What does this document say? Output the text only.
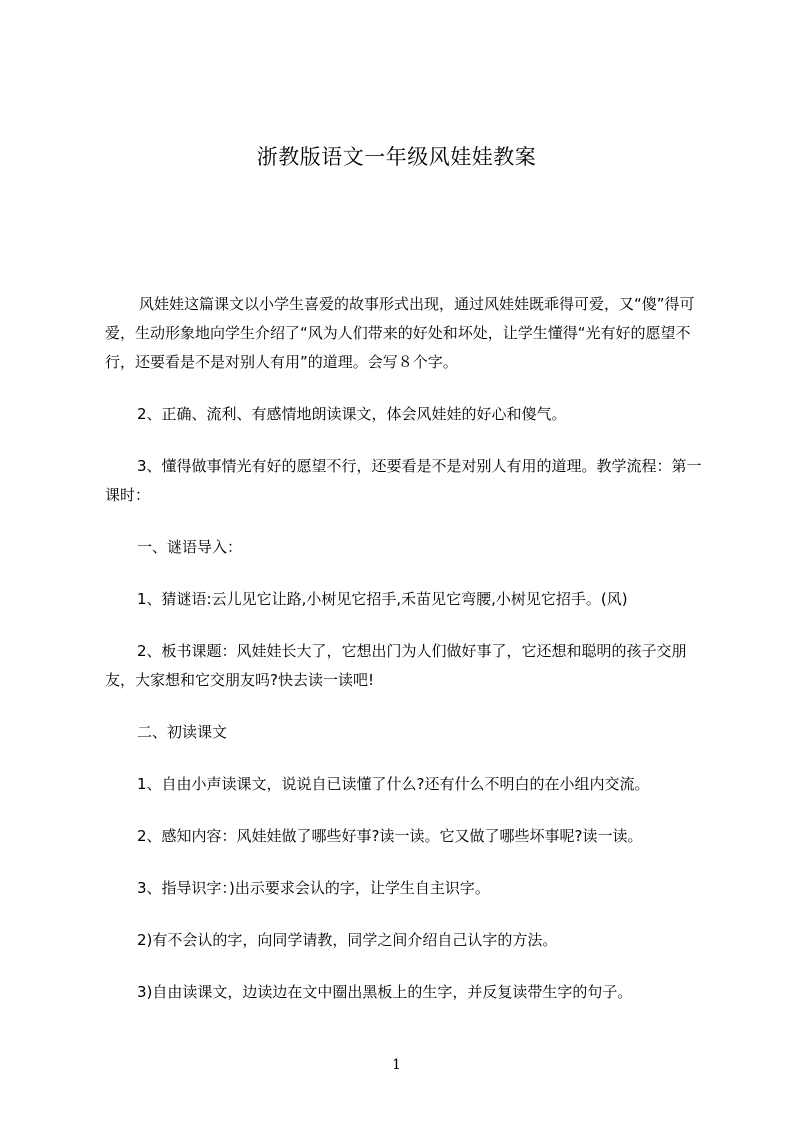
浙教版语文一年级风娃娃教案

风娃娃这篇课文以小学生喜爱的故事形式出现，通过风娃娃既乖得可爱，又“傻”得可爱，生动形象地向学生介绍了“风为人们带来的好处和坏处，让学生懂得“光有好的愿望不行，还要看是不是对别人有用”的道理。会写８个字。

2、正确、流利、有感情地朗读课文，体会风娃娃的好心和傻气。

3、懂得做事情光有好的愿望不行，还要看是不是对别人有用的道理。教学流程：第一课时：

一、谜语导入：

1、猜谜语:云儿见它让路,小树见它招手,禾苗见它弯腰,小树见它招手。(风)

2、板书课题：风娃娃长大了，它想出门为人们做好事了，它还想和聪明的孩子交朋友，大家想和它交朋友吗?快去读一读吧!

二、初读课文

1、自由小声读课文，说说自已读懂了什么?还有什么不明白的在小组内交流。

2、感知内容：风娃娃做了哪些好事?读一读。它又做了哪些坏事呢?读一读。

3、指导识字：)出示要求会认的字，让学生自主识字。

2)有不会认的字，向同学请教，同学之间介绍自己认字的方法。

3)自由读课文，边读边在文中圈出黑板上的生字，并反复读带生字的句子。

1
